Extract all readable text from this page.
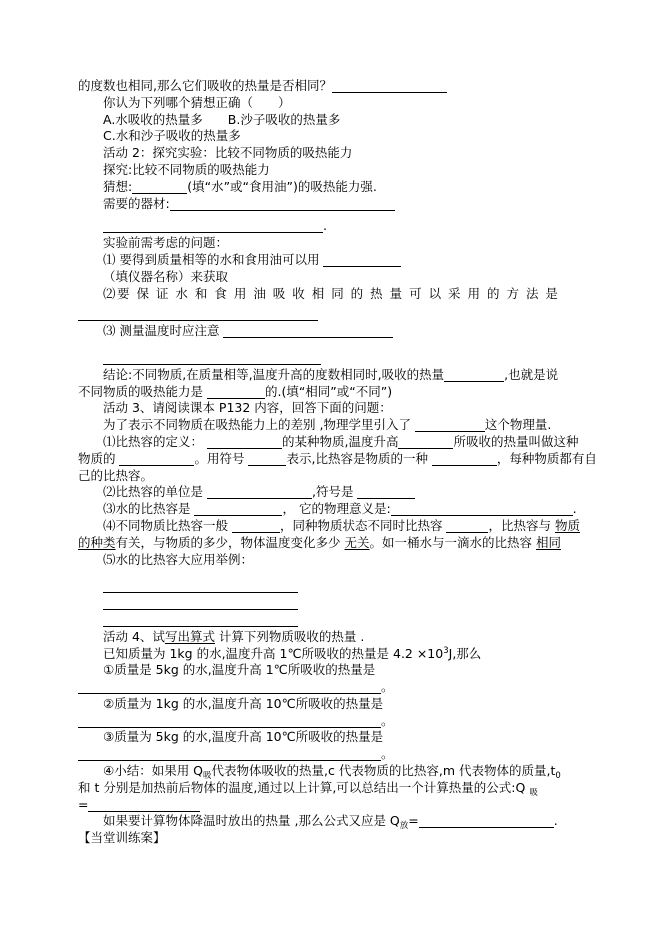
的度数也相同,那么它们吸收的热量是否相同？
你认为下列哪个猜想正确（　　）
A.水吸收的热量多　　B.沙子吸收的热量多
C.水和沙子吸收的热量多
活动 2：探究实验：比较不同物质的吸热能力
探究:比较不同物质的吸热能力
猜想:	(填“水”或“食用油”)的吸热能力强.
需要的器材:
.
实验前需考虑的问题：
⑴ 要得到质量相等的水和食用油可以用
（填仪器名称）来获取
⑵要 保 证 水 和 食 用 油 吸 收 相 同 的 热 量 可 以 采 用 的 方 法 是
⑶ 测量温度时应注意
结论:不同物质,在质量相等,温度升高的度数相同时,吸收的热量	,也就是说
不同物质的吸热能力是	的.(填“相同”或“不同”)
活动 3、请阅读课本 P132 内容，回答下面的问题：
为了表示不同物质在吸热能力上的差别 ,物理学里引入了	这个物理量.
⑴比热容的定义：	的某种物质,温度升高	所吸收的热量叫做这种
物质的	。用符号	表示,比热容是物质的一种	，每种物质都有自
己的比热容。
⑵比热容的单位是	,符号是
⑶水的比热容是	， 它的物理意义是:	.
⑷不同物质比热容一般	，同种物质状态不同时比热容	，比热容与 物质
的种类有关，与物质的多少，物体温度变化多少 无关。如一桶水与一滴水的比热容 相同
⑸水的比热容大应用举例：
活动 4、试写出算式 计算下列物质吸收的热量 .
已知质量为 1kg 的水,温度升高 1℃所吸收的热量是 $4.2 \times 10^3J$,那么
①质量是 5kg 的水,温度升高 1℃所吸收的热量是
。
②质量为 1kg 的水,温度升高 10℃所吸收的热量是
。
③质量为 5kg 的水,温度升高 10℃所吸收的热量是
。
④小结：如果用 $Q_吸$代表物体吸收的热量,c 代表物质的比热容,m 代表物体的质量$,t_0$
和 t 分别是加热前后物体的温度,通过以上计算,可以总结出一个计算热量的公式:Q $_吸$
=
如果要计算物体降温时放出的热量 ,那么公式又应是 $Q_放=$	.
【当堂训练案】
